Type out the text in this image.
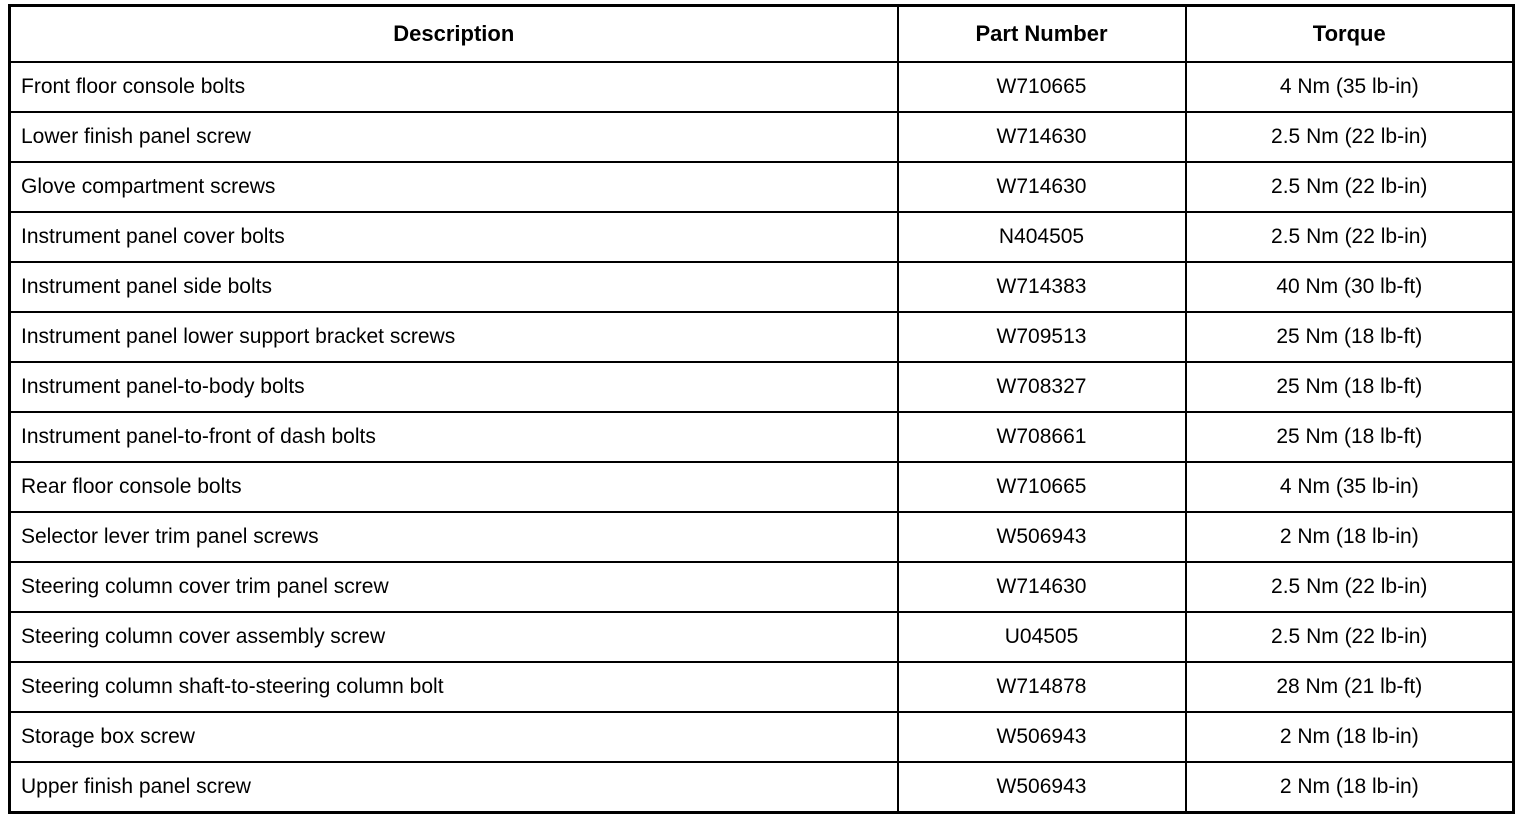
Description	Part Number	Torque
Front floor console bolts	W710665	4 Nm (35 lb-in)
Lower finish panel screw	W714630	2.5 Nm (22 lb-in)
Glove compartment screws	W714630	2.5 Nm (22 lb-in)
Instrument panel cover bolts	N404505	2.5 Nm (22 lb-in)
Instrument panel side bolts	W714383	40 Nm (30 lb-ft)
Instrument panel lower support bracket screws	W709513	25 Nm (18 lb-ft)
Instrument panel-to-body bolts	W708327	25 Nm (18 lb-ft)
Instrument panel-to-front of dash bolts	W708661	25 Nm (18 lb-ft)
Rear floor console bolts	W710665	4 Nm (35 lb-in)
Selector lever trim panel screws	W506943	2 Nm (18 lb-in)
Steering column cover trim panel screw	W714630	2.5 Nm (22 lb-in)
Steering column cover assembly screw	U04505	2.5 Nm (22 lb-in)
Steering column shaft-to-steering column bolt	W714878	28 Nm (21 lb-ft)
Storage box screw	W506943	2 Nm (18 lb-in)
Upper finish panel screw	W506943	2 Nm (18 lb-in)
